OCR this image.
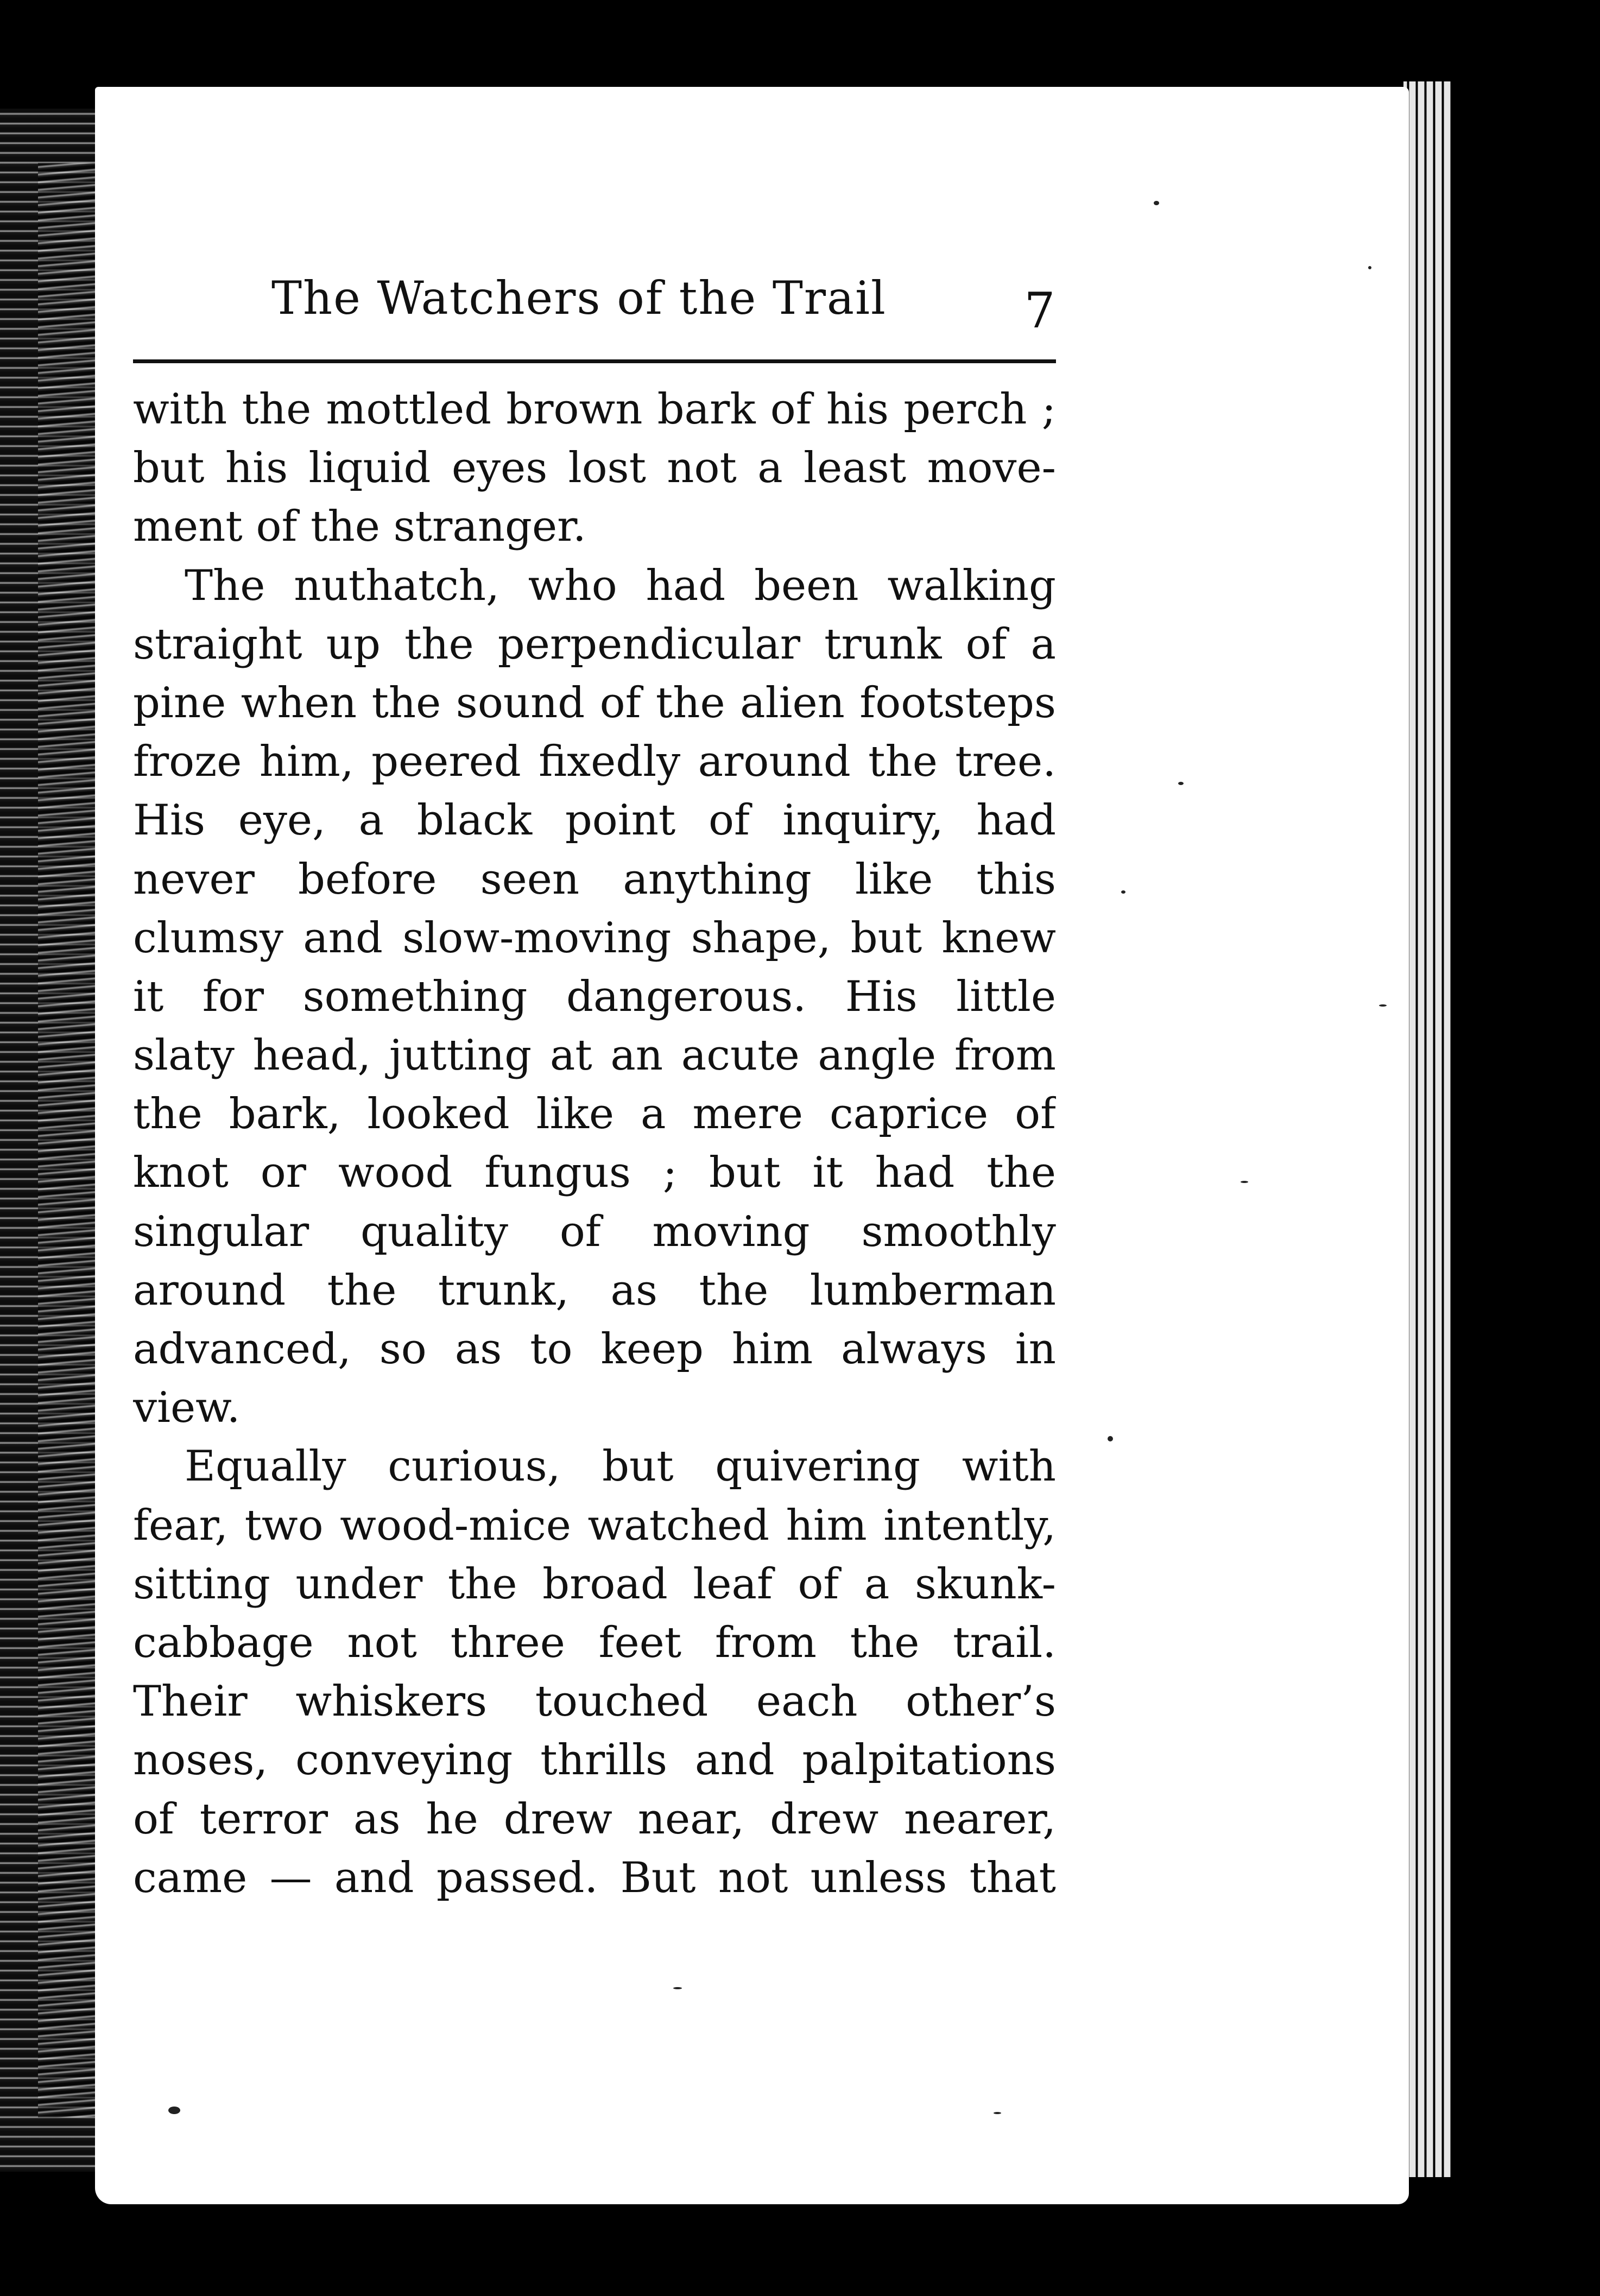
The Watchers of the Trail	7
with the mottled brown bark of his perch ;
but his liquid eyes lost not a least move-
ment of the stranger.
The nuthatch, who had been walking
straight up the perpendicular trunk of a
pine when the sound of the alien footsteps
froze him, peered fixedly around the tree.
His eye, a black point of inquiry, had
never before seen anything like this
clumsy and slow-moving shape, but knew
it for something dangerous. His little
slaty head, jutting at an acute angle from
the bark, looked like a mere caprice of
knot or wood fungus ; but it had the
singular quality of moving smoothly
around the trunk, as the lumberman
advanced, so as to keep him always in
view.
Equally curious, but quivering with
fear, two wood-mice watched him intently,
sitting under the broad leaf of a skunk-
cabbage not three feet from the trail.
Their whiskers touched each other’s
noses, conveying thrills and palpitations
of terror as he drew near, drew nearer,
came — and passed. But not unless that
